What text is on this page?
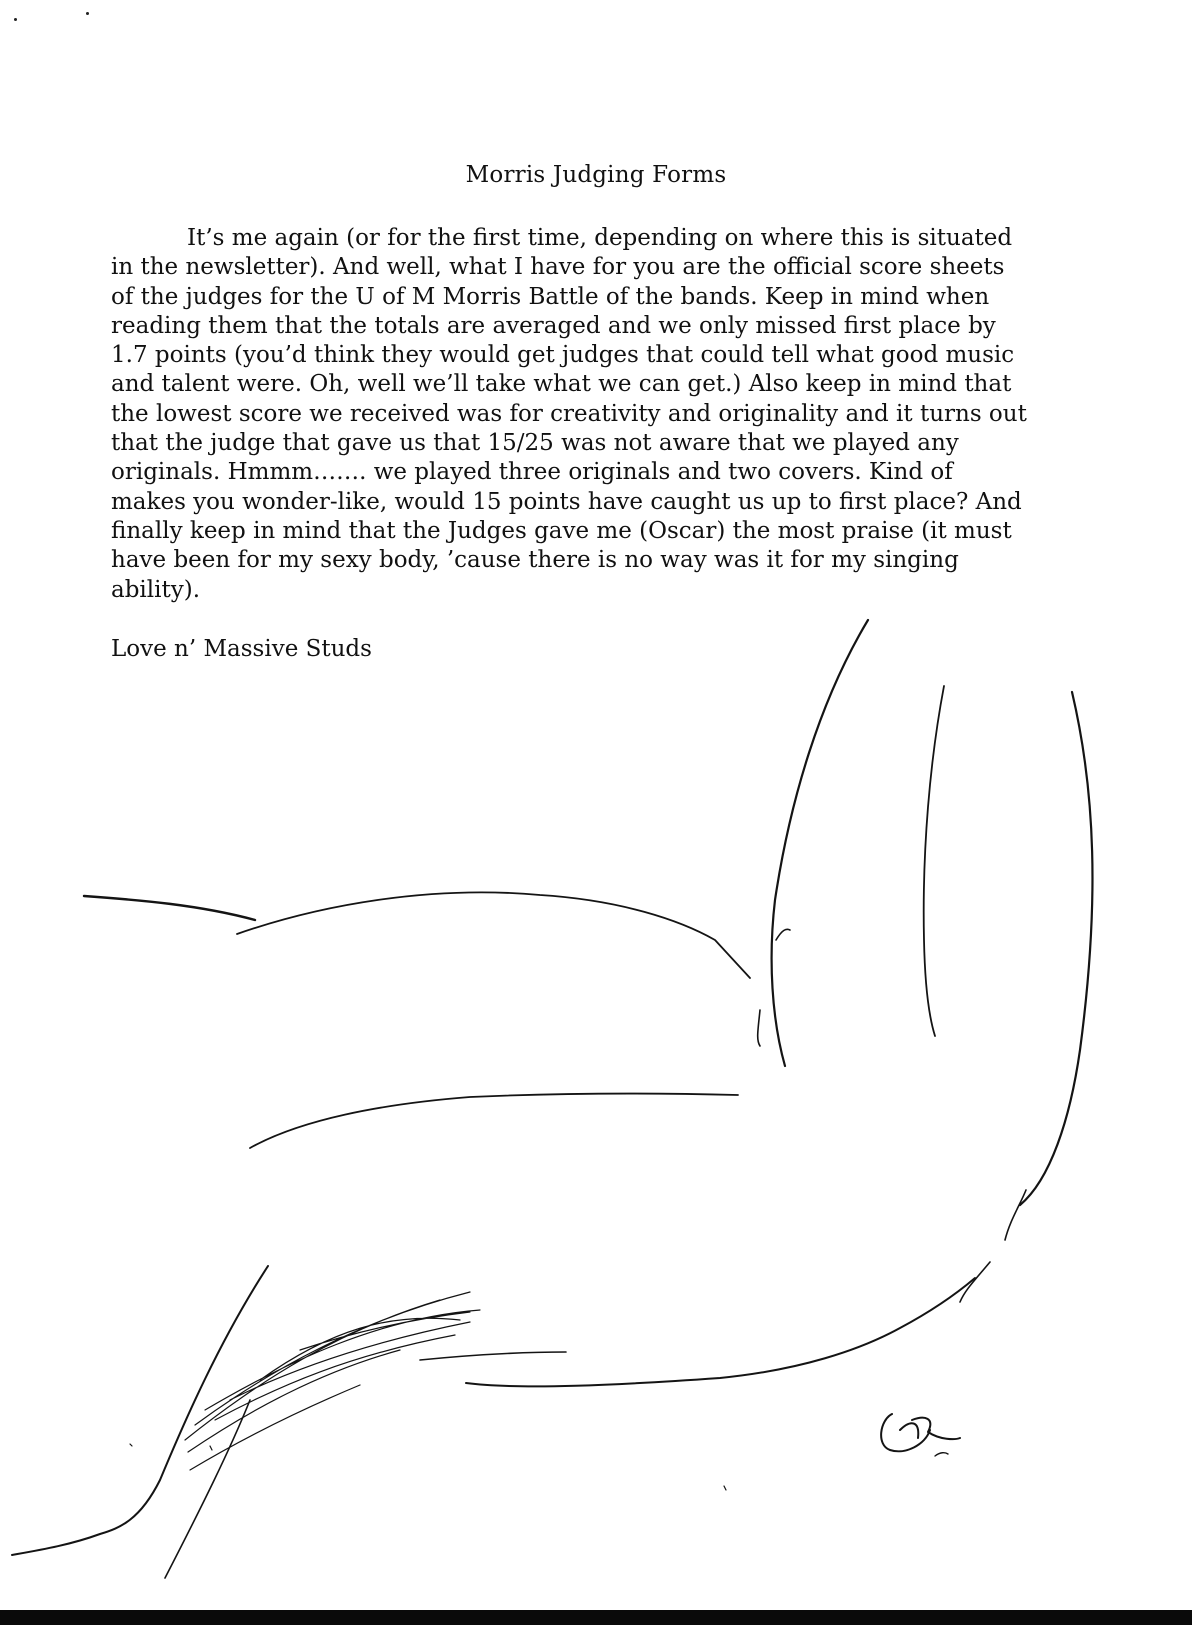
Morris Judging Forms

It’s me again (or for the first time, depending on where this is situated in the newsletter). And well, what I have for you are the official score sheets of the judges for the U of M Morris Battle of the bands. Keep in mind when reading them that the totals are averaged and we only missed first place by 1.7 points (you’d think they would get judges that could tell what good music and talent were. Oh, well we’ll take what we can get.) Also keep in mind that the lowest score we received was for creativity and originality and it turns out that the judge that gave us that 15/25 was not aware that we played any originals. Hmmm……. we played three originals and two covers. Kind of makes you wonder-like, would 15 points have caught us up to first place? And finally keep in mind that the Judges gave me (Oscar) the most praise (it must have been for my sexy body, ’cause there is no way was it for my singing ability).

Love n’ Massive Studs
